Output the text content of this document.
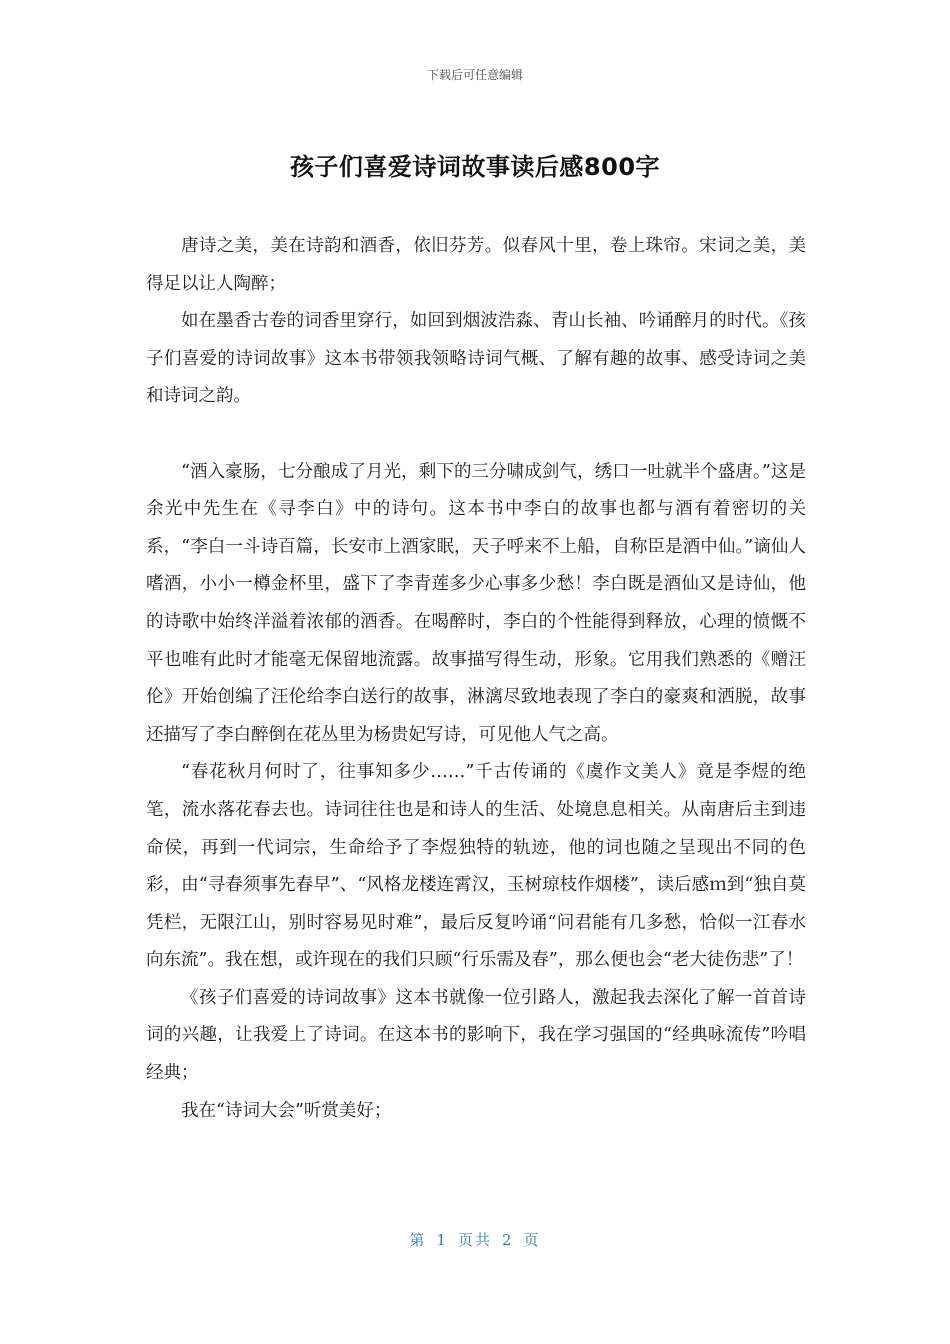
下载后可任意编辑
孩子们喜爱诗词故事读后感800字

唐诗之美，美在诗韵和酒香，依旧芬芳。似春风十里，卷上珠帘。宋词之美，美得足以让人陶醉；

如在墨香古卷的词香里穿行，如回到烟波浩淼、青山长袖、吟诵醉月的时代。《孩子们喜爱的诗词故事》这本书带领我领略诗词气概、了解有趣的故事、感受诗词之美和诗词之韵。

“酒入豪肠，七分酿成了月光，剩下的三分啸成剑气，绣口一吐就半个盛唐。”这是余光中先生在《寻李白》中的诗句。这本书中李白的故事也都与酒有着密切的关系，“李白一斗诗百篇，长安市上酒家眠，天子呼来不上船，自称臣是酒中仙。”谪仙人嗜酒，小小一樽金杯里，盛下了李青莲多少心事多少愁！李白既是酒仙又是诗仙，他的诗歌中始终洋溢着浓郁的酒香。在喝醉时，李白的个性能得到释放，心理的愤慨不平也唯有此时才能毫无保留地流露。故事描写得生动，形象。它用我们熟悉的《赠汪伦》开始创编了汪伦给李白送行的故事，淋漓尽致地表现了李白的豪爽和洒脱，故事还描写了李白醉倒在花丛里为杨贵妃写诗，可见他人气之高。

“春花秋月何时了，往事知多少……”千古传诵的《虞作文美人》竟是李煜的绝笔，流水落花春去也。诗词往往也是和诗人的生活、处境息息相关。从南唐后主到违命侯，再到一代词宗，生命给予了李煜独特的轨迹，他的词也随之呈现出不同的色彩，由“寻春须事先春早”、“风格龙楼连霄汉，玉树琼枝作烟楼”，读后感ｍ到“独自莫凭栏，无限江山，别时容易见时难”，最后反复吟诵“问君能有几多愁，恰似一江春水向东流”。我在想，或许现在的我们只顾“行乐需及春”，那么便也会“老大徒伤悲”了！

《孩子们喜爱的诗词故事》这本书就像一位引路人，激起我去深化了解一首首诗词的兴趣，让我爱上了诗词。在这本书的影响下，我在学习强国的“经典咏流传”吟唱经典；

我在“诗词大会”听赏美好；

第 1 页共 2 页
